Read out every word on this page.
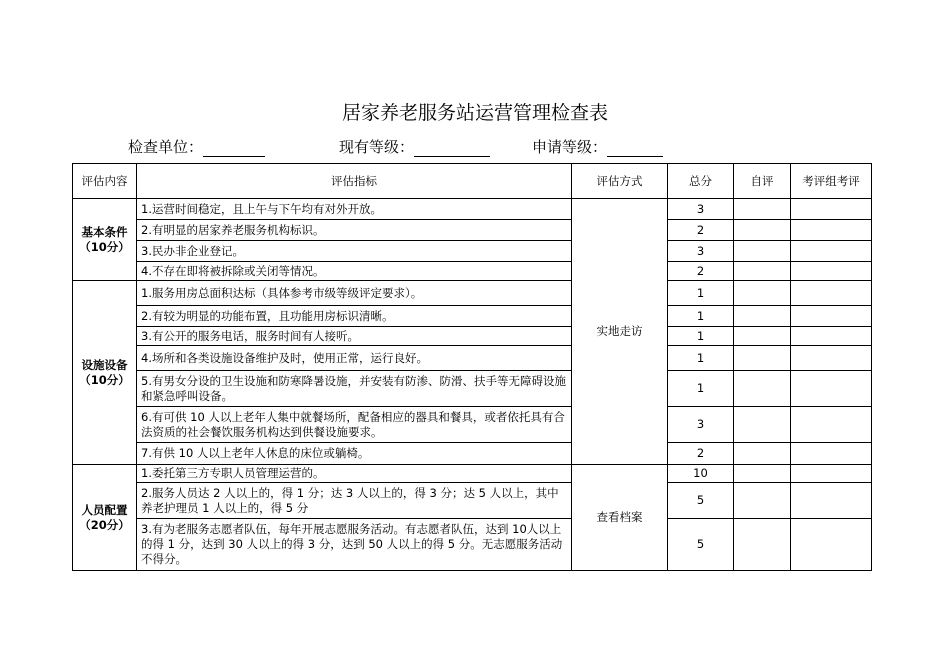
居家养老服务站运营管理检查表
检查单位：	现有等级：	申请等级：
评估内容	评估指标	评估方式	总分	自评	考评组考评
基本条件
（10分）	1.运营时间稳定，且上午与下午均有对外开放。	实地走访	3		
	2.有明显的居家养老服务机构标识。		2		
	3.民办非企业登记。		3		
	4.不存在即将被拆除或关闭等情况。		2		
设施设备
（10分）	1.服务用房总面积达标（具体参考市级等级评定要求）。		1		
	2.有较为明显的功能布置，且功能用房标识清晰。		1		
	3.有公开的服务电话，服务时间有人接听。		1		
	4.场所和各类设施设备维护及时，使用正常，运行良好。		1		
	5.有男女分设的卫生设施和防寒降暑设施，并安装有防渗、防滑、扶手等无障碍设施和紧急呼叫设备。		1		
	6.有可供 10 人以上老年人集中就餐场所，配备相应的器具和餐具，或者依托具有合法资质的社会餐饮服务机构达到供餐设施要求。		3		
	7.有供 10 人以上老年人休息的床位或躺椅。		2		
人员配置
（20分）	1.委托第三方专职人员管理运营的。	查看档案	10		
	2.服务人员达 2 人以上的，得 1 分；达 3 人以上的，得 3 分；达 5 人以上，其中养老护理员 1 人以上的，得 5 分		5		
	3.有为老服务志愿者队伍，每年开展志愿服务活动。有志愿者队伍，达到 10人以上的得 1 分，达到 30 人以上的得 3 分，达到 50 人以上的得 5 分。无志愿服务活动不得分。		5		
